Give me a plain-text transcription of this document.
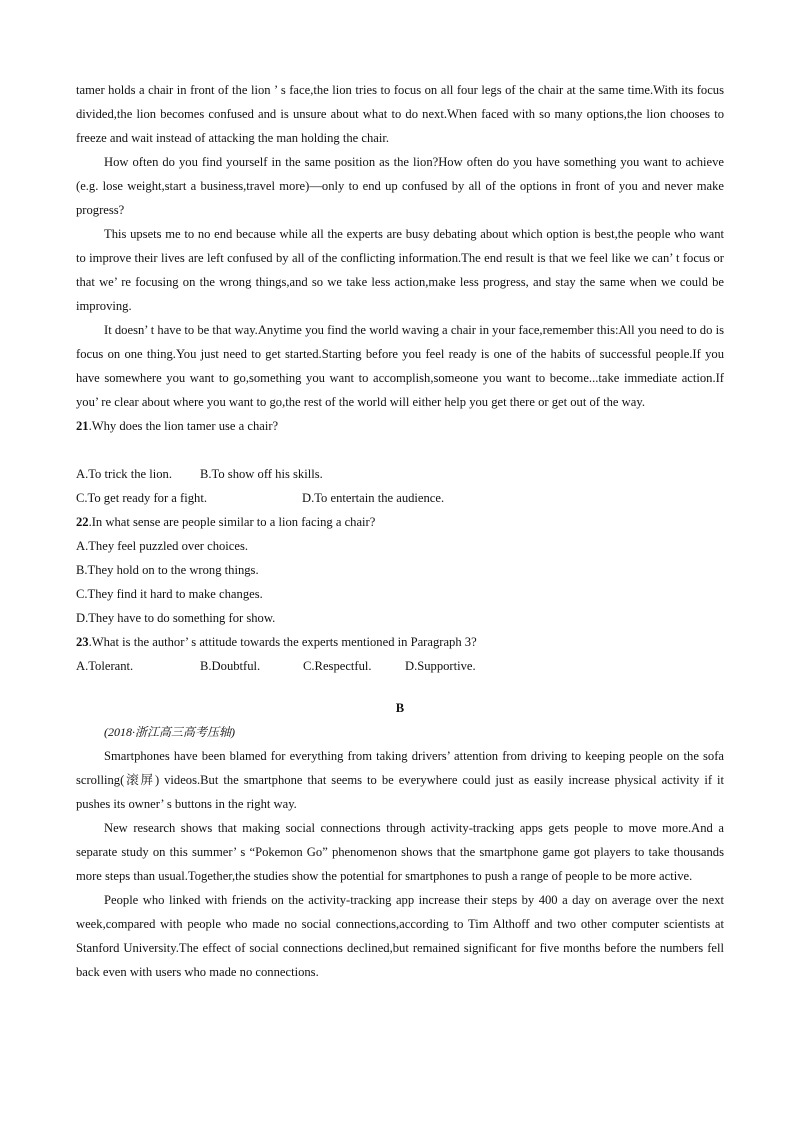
tamer holds a chair in front of the lion ’ s face,the lion tries to focus on all four legs of the chair at the same time.With its focus divided,the lion becomes confused and is unsure about what to do next.When faced with so many options,the lion chooses to freeze and wait instead of attacking the man holding the chair.

How often do you find yourself in the same position as the lion?How often do you have something you want to achieve (e.g. lose weight,start a business,travel more)—only to end up confused by all of the options in front of you and never make progress?

This upsets me to no end because while all the experts are busy debating about which option is best,the people who want to improve their lives are left confused by all of the conflicting information.The end result is that we feel like we can’ t focus or that we’ re focusing on the wrong things,and so we take less action,make less progress, and stay the same when we could be improving.

It doesn’ t have to be that way.Anytime you find the world waving a chair in your face,remember this:All you need to do is focus on one thing.You just need to get started.Starting before you feel ready is one of the habits of successful people.If you have somewhere you want to go,something you want to accomplish,someone you want to become...take immediate action.If you’ re clear about where you want to go,the rest of the world will either help you get there or get out of the way.

21.Why does the lion tamer use a chair?

A.To trick the lion. B.To show off his skills.

C.To get ready for a fight.	D.To entertain the audience.

22.In what sense are people similar to a lion facing a chair?

A.They feel puzzled over choices.

B.They hold on to the wrong things.

C.They find it hard to make changes.

D.They have to do something for show.

23.What is the author’ s attitude towards the experts mentioned in Paragraph 3?

A.Tolerant.	B.Doubtful.	C.Respectful.	D.Supportive.

B

(2018·浙江高三高考压轴)

Smartphones have been blamed for everything from taking drivers’ attention from driving to keeping people on the sofa scrolling(滚屏) videos.But the smartphone that seems to be everywhere could just as easily increase physical activity if it pushes its owner’ s buttons in the right way.

New research shows that making social connections through activity-tracking apps gets people to move more.And a separate study on this summer’ s “Pokemon Go” phenomenon shows that the smartphone game got players to take thousands more steps than usual.Together,the studies show the potential for smartphones to push a range of people to be more active.

People who linked with friends on the activity-tracking app increase their steps by 400 a day on average over the next week,compared with people who made no social connections,according to Tim Althoff and two other computer scientists at Stanford University.The effect of social connections declined,but remained significant for five months before the numbers fell back even with users who made no connections.
